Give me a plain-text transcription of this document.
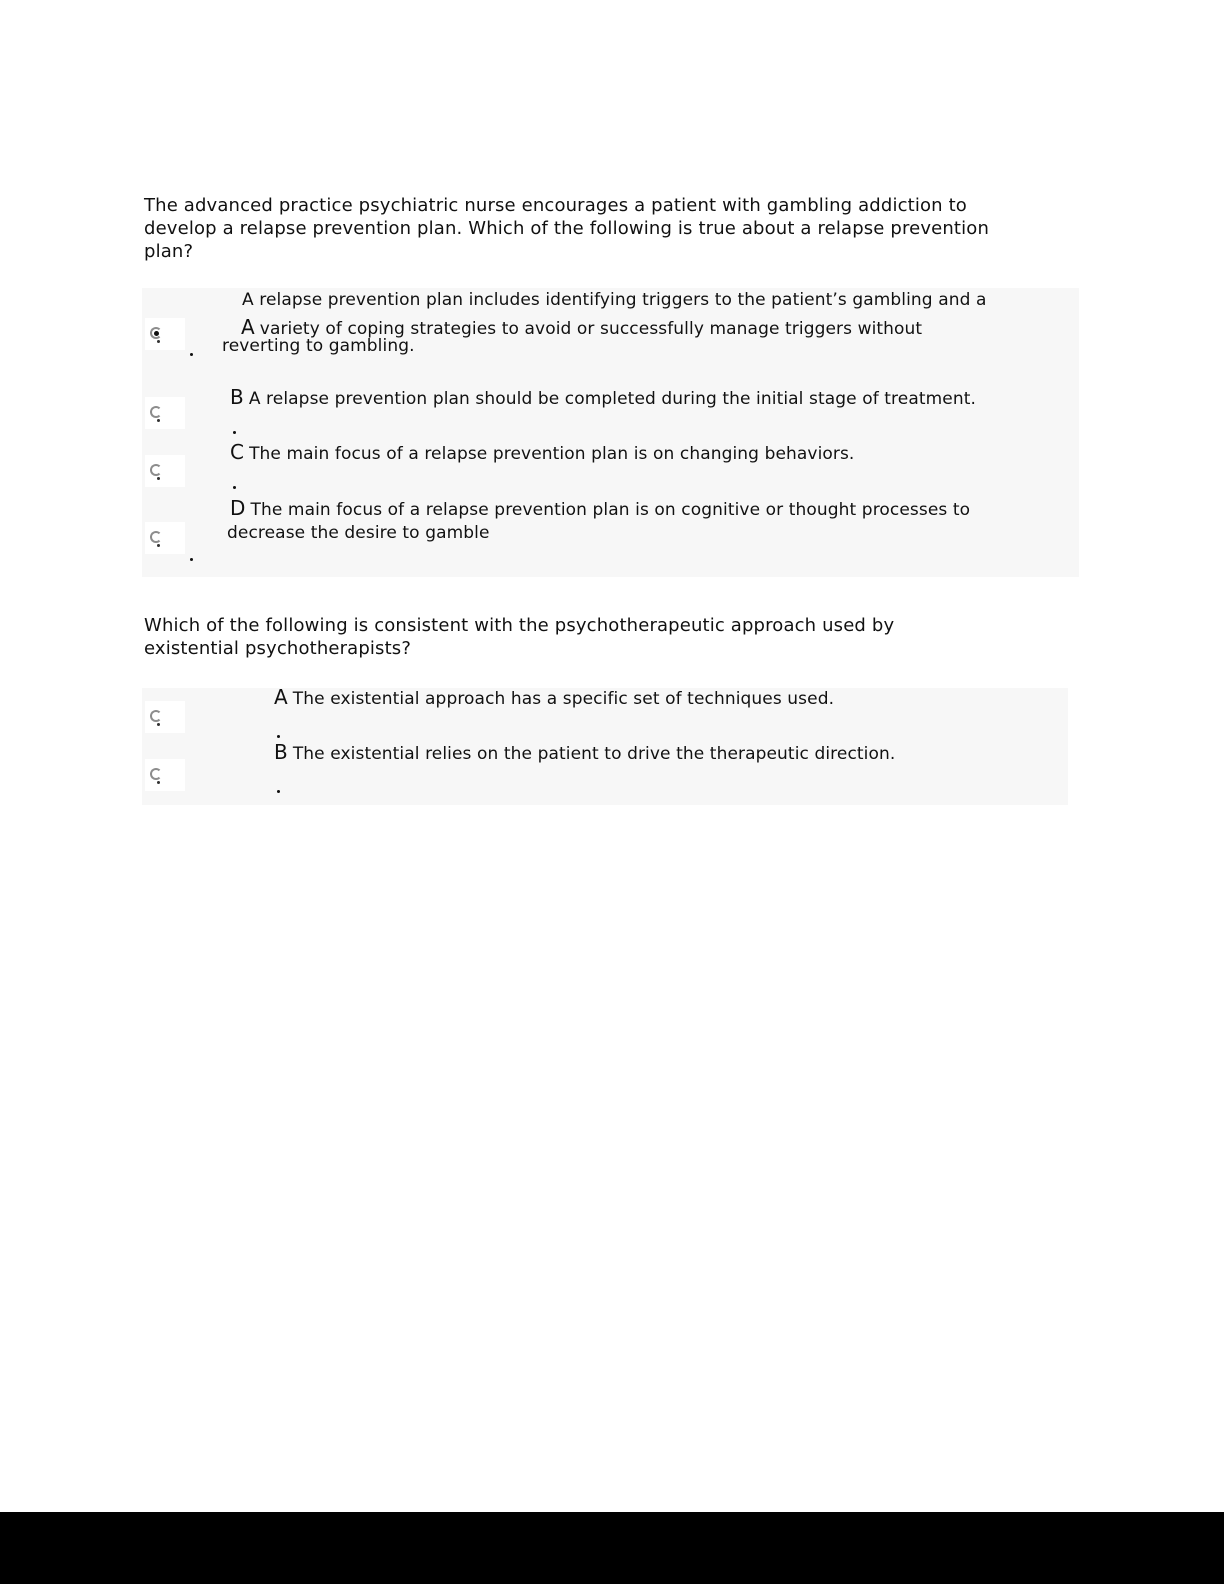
The advanced practice psychiatric nurse encourages a patient with gambling addiction to
develop a relapse prevention plan. Which of the following is true about a relapse prevention
plan?
A relapse prevention plan includes identifying triggers to the patient’s gambling and a
A variety of coping strategies to avoid or successfully manage triggers without
reverting to gambling.
B A relapse prevention plan should be completed during the initial stage of treatment.
C The main focus of a relapse prevention plan is on changing behaviors.
D The main focus of a relapse prevention plan is on cognitive or thought processes to
decrease the desire to gamble
Which of the following is consistent with the psychotherapeutic approach used by
existential psychotherapists?
A The existential approach has a specific set of techniques used.
B The existential relies on the patient to drive the therapeutic direction.
